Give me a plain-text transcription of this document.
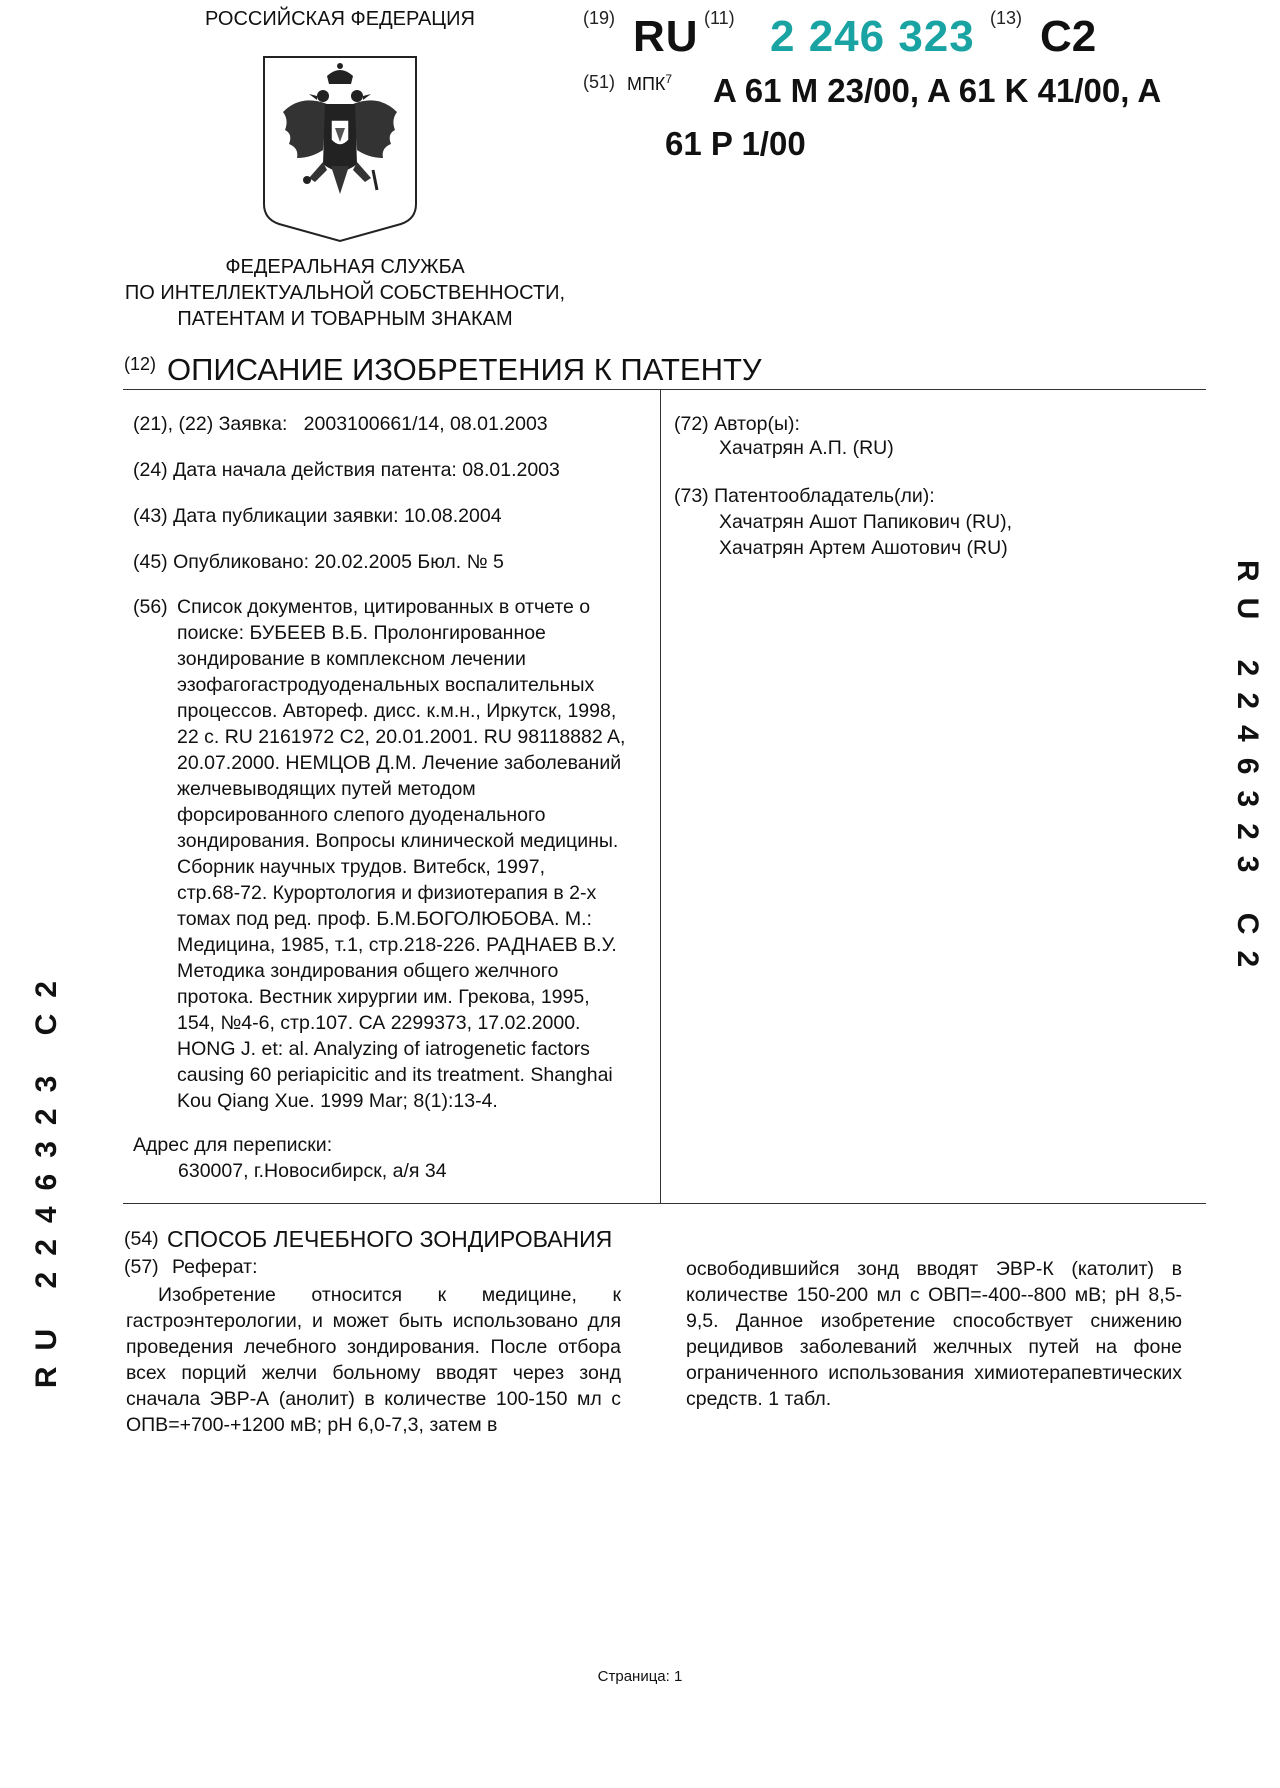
РОССИЙСКАЯ ФЕДЕРАЦИЯ
ФЕДЕРАЛЬНАЯ СЛУЖБА
ПО ИНТЕЛЛЕКТУАЛЬНОЙ СОБСТВЕННОСТИ,
ПАТЕНТАМ И ТОВАРНЫМ ЗНАКАМ
(19) RU (11) 2 246 323 (13) C2
(51) МПК$^7$ A 61 M 23/00, A 61 K 41/00, A
61 P 1/00
(12) ОПИСАНИЕ ИЗОБРЕТЕНИЯ К ПАТЕНТУ
(21), (22) Заявка: 2003100661/14, 08.01.2003
(24) Дата начала действия патента: 08.01.2003
(43) Дата публикации заявки: 10.08.2004
(45) Опубликовано: 20.02.2005 Бюл. № 5
(56) Список документов, цитированных в отчете о
поиске: БУБЕЕВ В.Б. Пролонгированное
зондирование в комплексном лечении
эзофагогастродуоденальных воспалительных
процессов. Автореф. дисс. к.м.н., Иркутск, 1998,
22 с. RU 2161972 С2, 20.01.2001. RU 98118882 A,
20.07.2000. НЕМЦОВ Д.М. Лечение заболеваний
желчевыводящих путей методом
форсированного слепого дуоденального
зондирования. Вопросы клинической медицины.
Сборник научных трудов. Витебск, 1997,
стр.68-72. Курортология и физиотерапия в 2-х
томах под ред. проф. Б.М.БОГОЛЮБОВА. М.:
Медицина, 1985, т.1, стр.218-226. РАДНАЕВ В.У.
Методика зондирования общего желчного
протока. Вестник хирургии им. Грекова, 1995,
154, №4-6, стр.107. СА 2299373, 17.02.2000.
HONG J. et: al. Analyzing of iatrogenetic factors
causing 60 periapicitic and its treatment. Shanghai
Kou Qiang Xue. 1999 Mar; 8(1):13-4.
Адрес для переписки:
630007, г.Новосибирск, а/я 34
(72) Автор(ы):
Хачатрян А.П. (RU)
(73) Патентообладатель(ли):
Хачатрян Ашот Папикович (RU),
Хачатрян Артем Ашотович (RU)
RU 2246323 C2
RU 2246323 C2	(54) СПОСОБ ЛЕЧЕБНОГО ЗОНДИРОВАНИЯ
(57) Реферат:
Изобретение относится к медицине, к гастроэнтерологии, и может быть использовано для проведения лечебного зондирования. После отбора всех порций желчи больному вводят через зонд сначала ЭВР-А (анолит) в количестве 100-150 мл с ОПВ=+700-+1200 мВ; pH 6,0-7,3, затем в
освободившийся зонд вводят ЭВР-К (католит) в количестве 150-200 мл с ОВП=-400--800 мВ; pH 8,5-9,5. Данное изобретение способствует снижению рецидивов заболеваний желчных путей на фоне ограниченного использования химиотерапевтических средств. 1 табл.
Страница: 1
